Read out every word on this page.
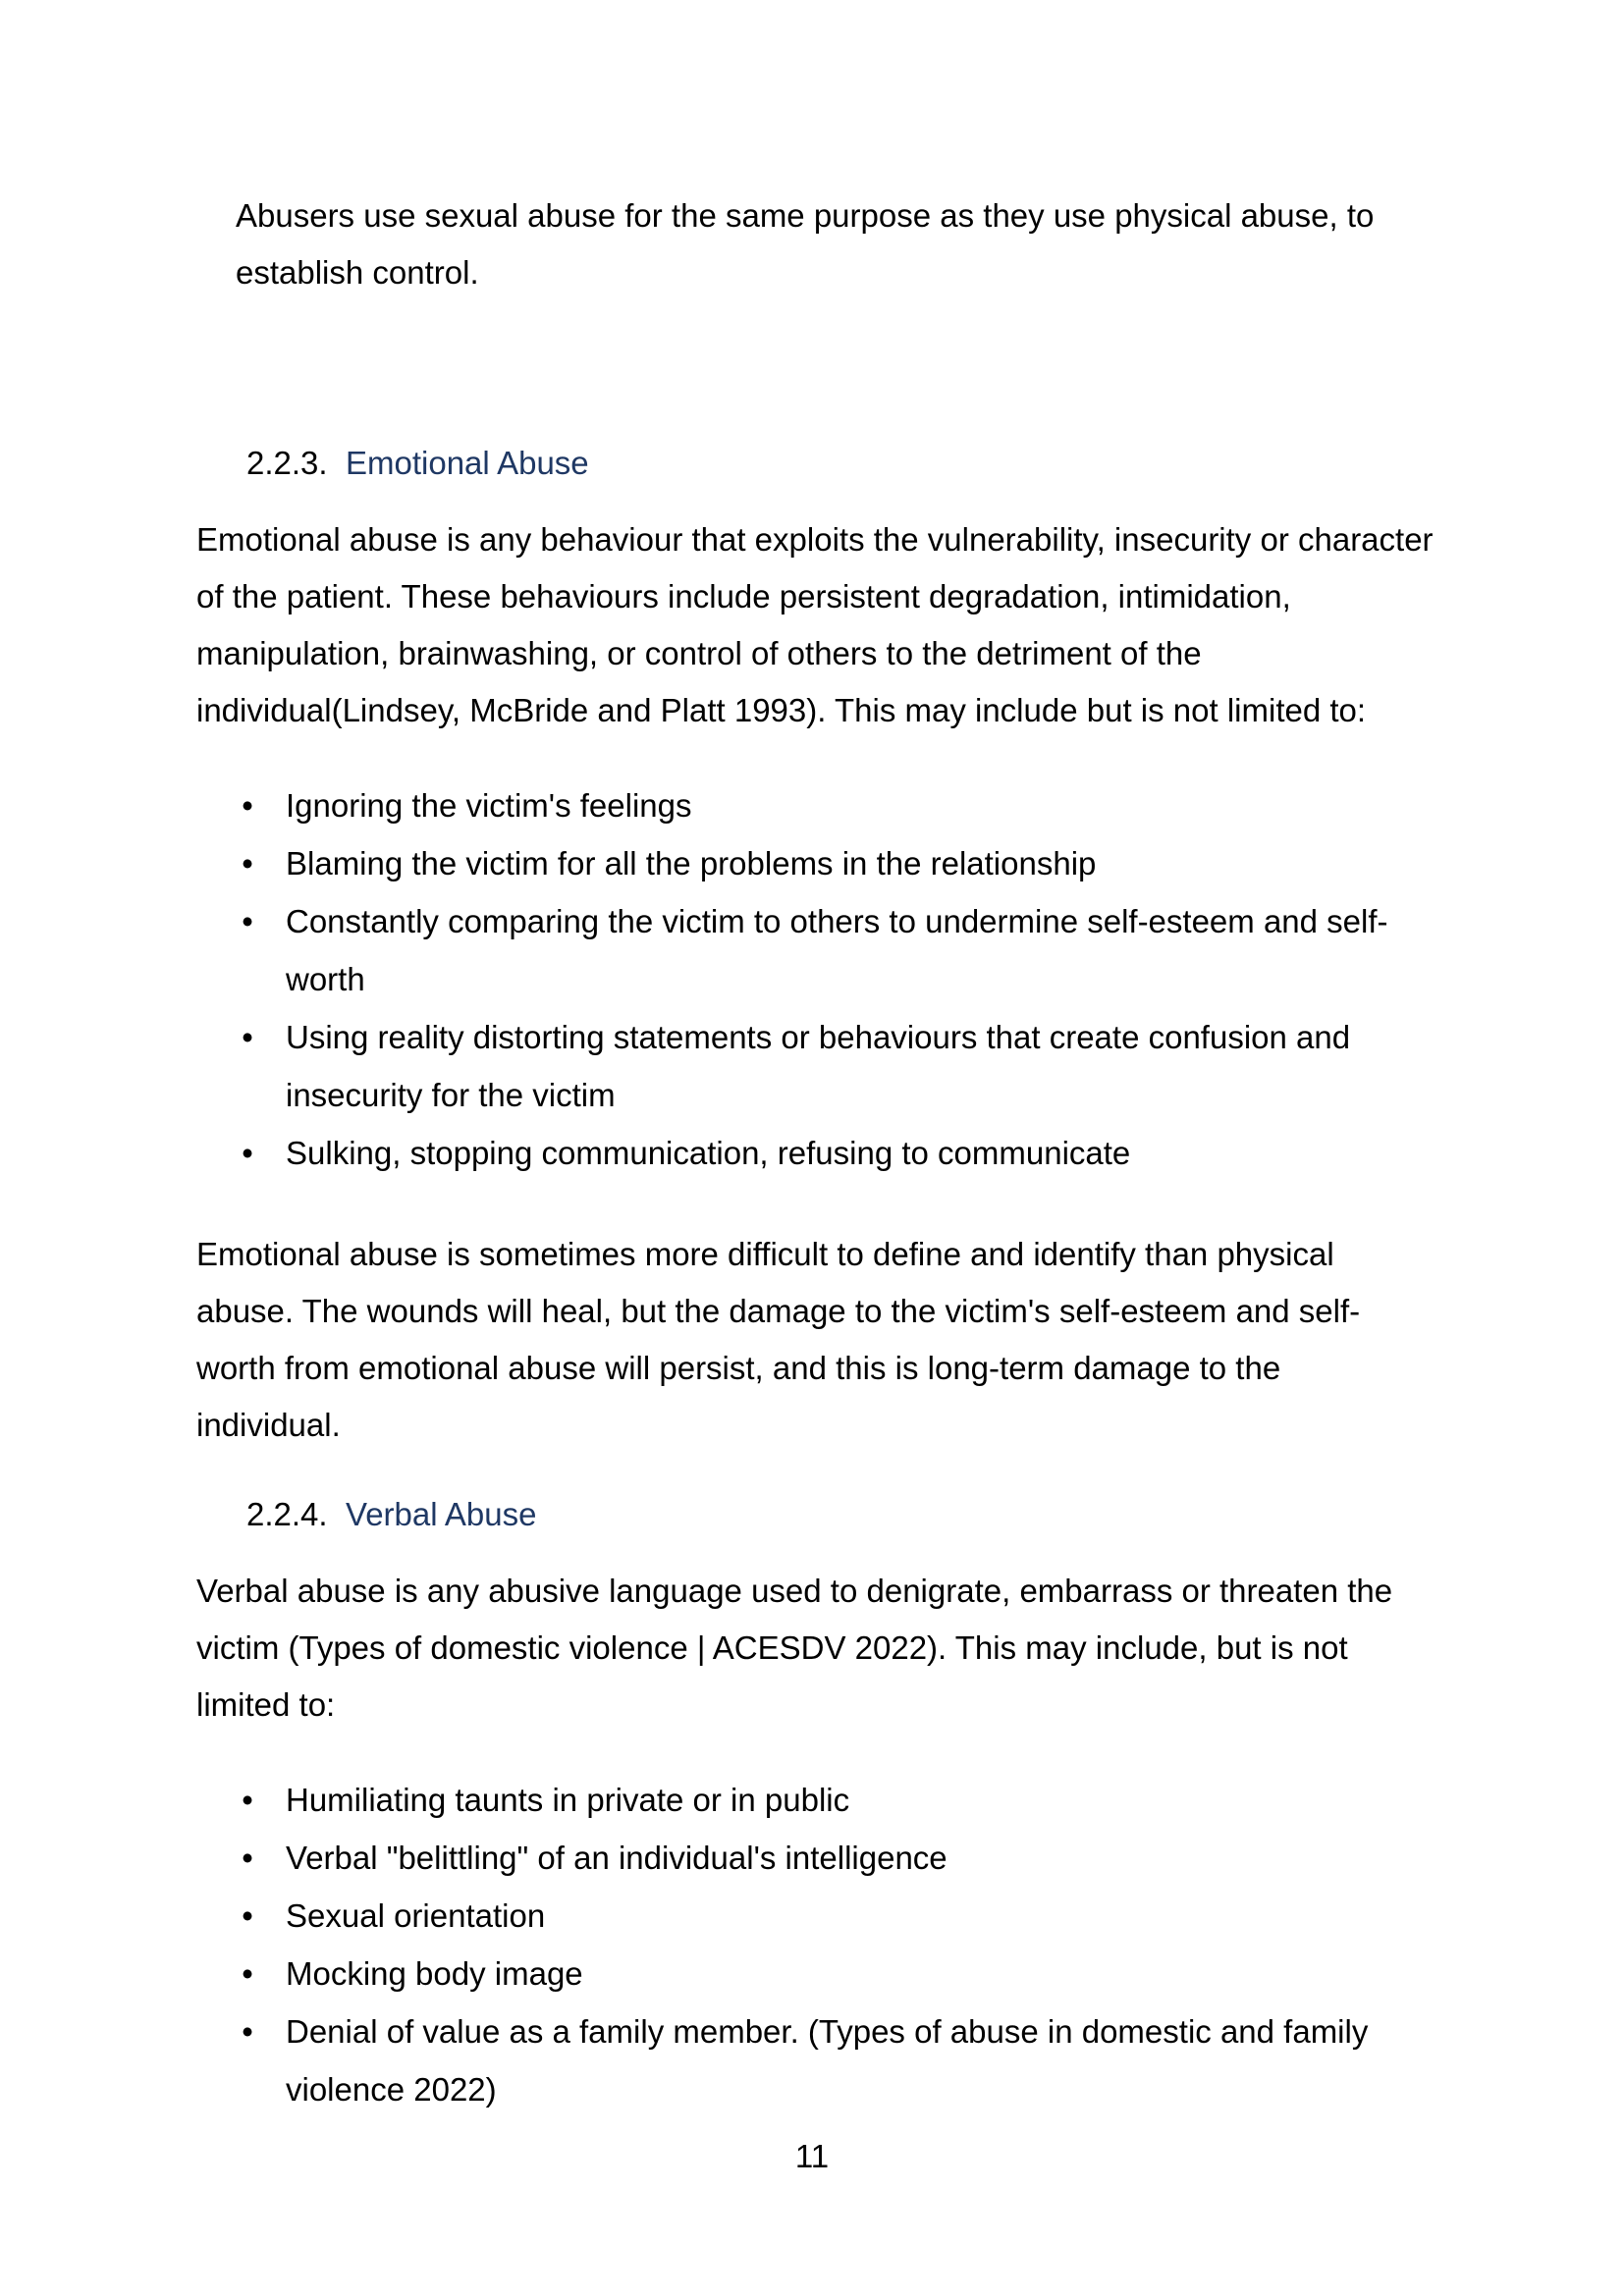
Abusers use sexual abuse for the same purpose as they use physical abuse, to establish control.

2.2.3. Emotional Abuse

Emotional abuse is any behaviour that exploits the vulnerability, insecurity or character of the patient. These behaviours include persistent degradation, intimidation, manipulation, brainwashing, or control of others to the detriment of the individual(Lindsey, McBride and Platt 1993). This may include but is not limited to:

• Ignoring the victim's feelings
• Blaming the victim for all the problems in the relationship
• Constantly comparing the victim to others to undermine self-esteem and self-worth
• Using reality distorting statements or behaviours that create confusion and insecurity for the victim
• Sulking, stopping communication, refusing to communicate

Emotional abuse is sometimes more difficult to define and identify than physical abuse. The wounds will heal, but the damage to the victim's self-esteem and self-worth from emotional abuse will persist, and this is long-term damage to the individual.

2.2.4. Verbal Abuse

Verbal abuse is any abusive language used to denigrate, embarrass or threaten the victim (Types of domestic violence | ACESDV 2022). This may include, but is not limited to:

• Humiliating taunts in private or in public
• Verbal "belittling" of an individual's intelligence
• Sexual orientation
• Mocking body image
• Denial of value as a family member. (Types of abuse in domestic and family violence 2022)
11
